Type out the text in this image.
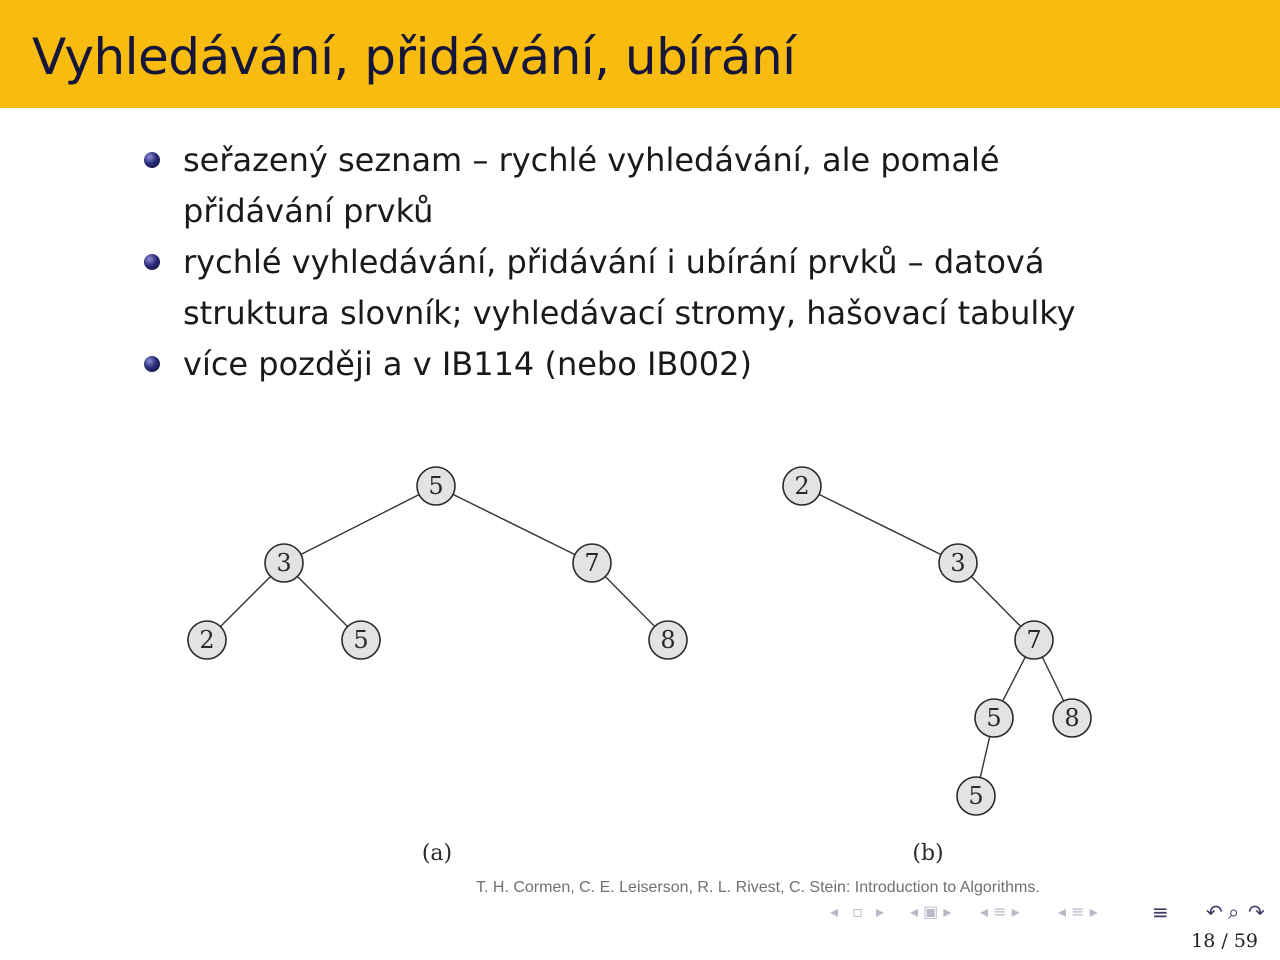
Vyhledávání, přidávání, ubírání
seřazený seznam – rychlé vyhledávání, ale pomalé přidávání prvků
rychlé vyhledávání, přidávání i ubírání prvků – datová struktura slovník; vyhledávací stromy, hašovací tabulky
více později a v IB114 (nebo IB002)
5
3	7
2	5	8
2
3
7
5	8
5
(a)	(b)

T. H. Cormen, C. E. Leiserson, R. L. Rivest, C. Stein: Introduction to Algorithms.

◂ ▫ ▸ ◂ ▣ ▸ ◂ ≡ ▸ ◂ ≡ ▸	≡ ↶ ⌕ ↷

18 / 59
